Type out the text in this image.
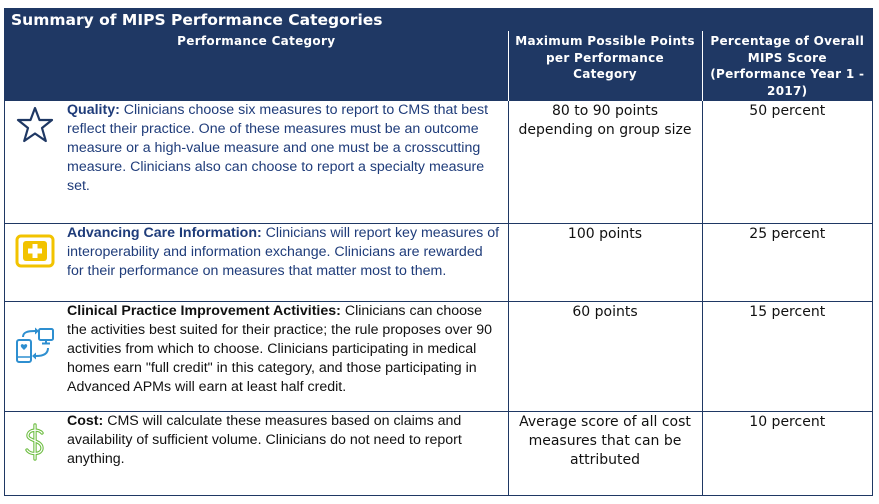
Summary of MIPS Performance Categories
Performance Category	Maximum Possible Points per Performance Category	Percentage of Overall MIPS Score (Performance Year 1 - 2017)

Quality: Clinicians choose six measures to report to CMS that best reflect their practice. One of these measures must be an outcome measure or a high-value measure and one must be a crosscutting measure. Clinicians also can choose to report a specialty measure set.	80 to 90 points depending on group size	50 percent

Advancing Care Information: Clinicians will report key measures of interoperability and information exchange. Clinicians are rewarded for their performance on measures that matter most to them.	100 points	25 percent

Clinical Practice Improvement Activities: Clinicians can choose the activities best suited for their practice; the rule proposes over 90 activities from which to choose. Clinicians participating in medical homes earn "full credit" in this category, and those participating in Advanced APMs will earn at least half credit.	60 points	15 percent

Cost: CMS will calculate these measures based on claims and availability of sufficient volume. Clinicians do not need to report anything.	Average score of all cost measures that can be attributed	10 percent
